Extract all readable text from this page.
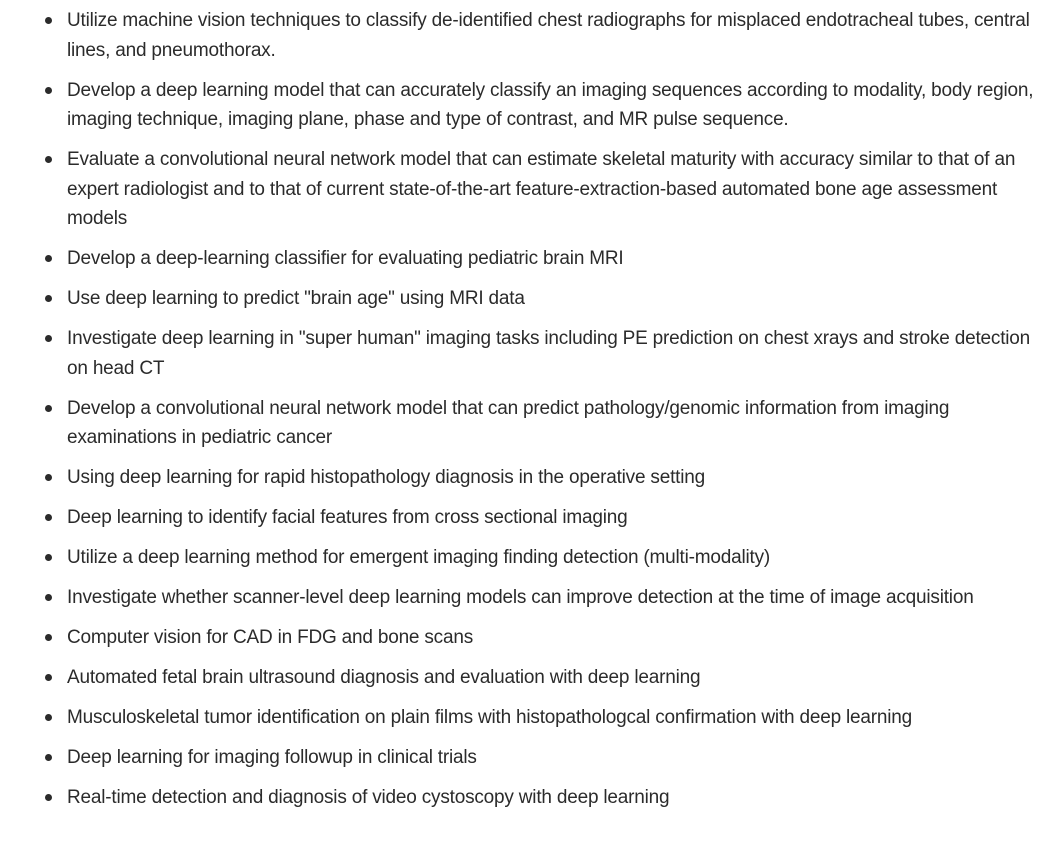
Utilize machine vision techniques to classify de-identified chest radiographs for misplaced endotracheal tubes, central lines, and pneumothorax.
Develop a deep learning model that can accurately classify an imaging sequences according to modality, body region, imaging technique, imaging plane, phase and type of contrast, and MR pulse sequence.
Evaluate a convolutional neural network model that can estimate skeletal maturity with accuracy similar to that of an expert radiologist and to that of current state-of-the-art feature-extraction-based automated bone age assessment models
Develop a deep-learning classifier for evaluating pediatric brain MRI
Use deep learning to predict "brain age" using MRI data
Investigate deep learning in "super human" imaging tasks including PE prediction on chest xrays and stroke detection on head CT
Develop a convolutional neural network model that can predict pathology/genomic information from imaging examinations in pediatric cancer
Using deep learning for rapid histopathology diagnosis in the operative setting
Deep learning to identify facial features from cross sectional imaging
Utilize a deep learning method for emergent imaging finding detection (multi-modality)
Investigate whether scanner-level deep learning models can improve detection at the time of image acquisition
Computer vision for CAD in FDG and bone scans
Automated fetal brain ultrasound diagnosis and evaluation with deep learning
Musculoskeletal tumor identification on plain films with histopathologcal confirmation with deep learning
Deep learning for imaging followup in clinical trials
Real-time detection and diagnosis of video cystoscopy with deep learning
